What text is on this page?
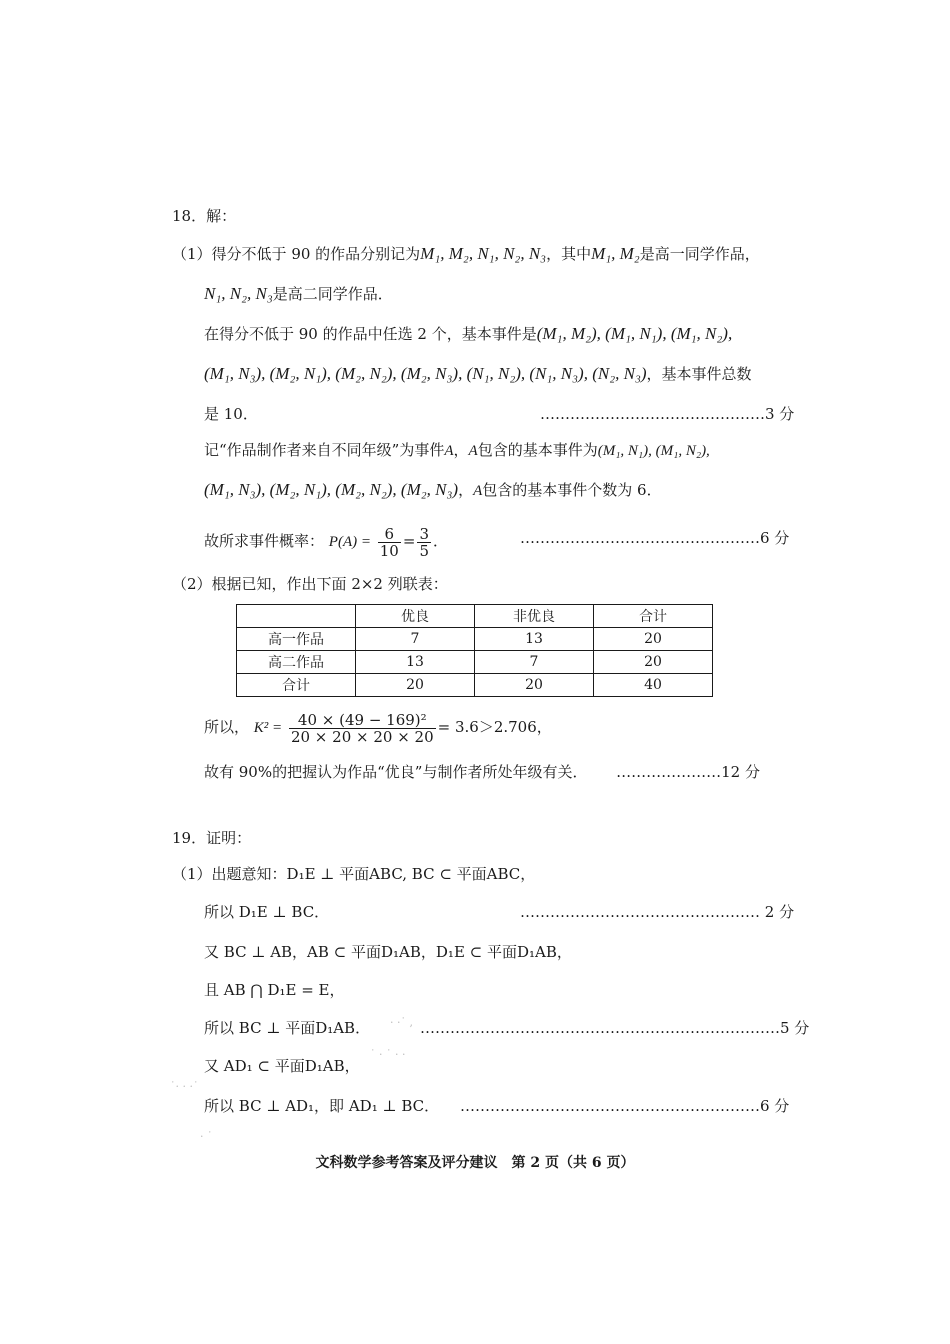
18．解：
（1）得分不低于 90 的作品分别记为M₁, M₂, N₁, N₂, N₃，其中M₁, M₂是高一同学作品，
N₁, N₂, N₃是高二同学作品．
在得分不低于 90 的作品中任选 2 个，基本事件是(M₁, M₂), (M₁, N₁), (M₁, N₂),
(M₁, N₃), (M₂, N₁), (M₂, N₂), (M₂, N₃), (N₁, N₂), (N₁, N₃), (N₂, N₃)，基本事件总数
是 10．	………………………………………3 分
记“作品制作者来自不同年级”为事件A，A包含的基本事件为(M₁, N₁), (M₁, N₂),
(M₁, N₃), (M₂, N₁), (M₂, N₂), (M₂, N₃)，A包含的基本事件个数为 6．
故所求事件概率： $P(A) = \frac{6}{10} = \frac{3}{5}$ ．	…………………………………………6 分
（2）根据已知，作出下面 2×2 列联表：
	优良	非优良	合计
高一作品	7	13	20
高二作品	13	7	20
合计	20	20	40
所以， $K^2 = \frac{\text{40 × (49 − 169)²}}{20 \times 20 \times 20 \times 20} = 3.6>2.706$，
故有 90%的把握认为作品“优良”与制作者所处年级有关．	…………………12 分
19．证明：
（1）出题意知：D₁E ⊥ 平面ABC, BC ⊂ 平面ABC，
所以 D₁E ⊥ BC．	………………………………………… 2 分
又 BC ⊥ AB，AB ⊂ 平面D₁AB，D₁E ⊂ 平面D₁AB，
且 AB ⋂ D₁E = E，
所以 BC ⊥ 平面D₁AB．	………………………………………………………………5 分
又 AD₁ ⊂ 平面D₁AB，
所以 BC ⊥ AD₁，即 AD₁ ⊥ BC． ……………………………………………………6 分
· ·˙ ,
˙ · ˙ · ·
˙· · ·˙
· ˙
文科数学参考答案及评分建议　第 2 页（共 6 页）
